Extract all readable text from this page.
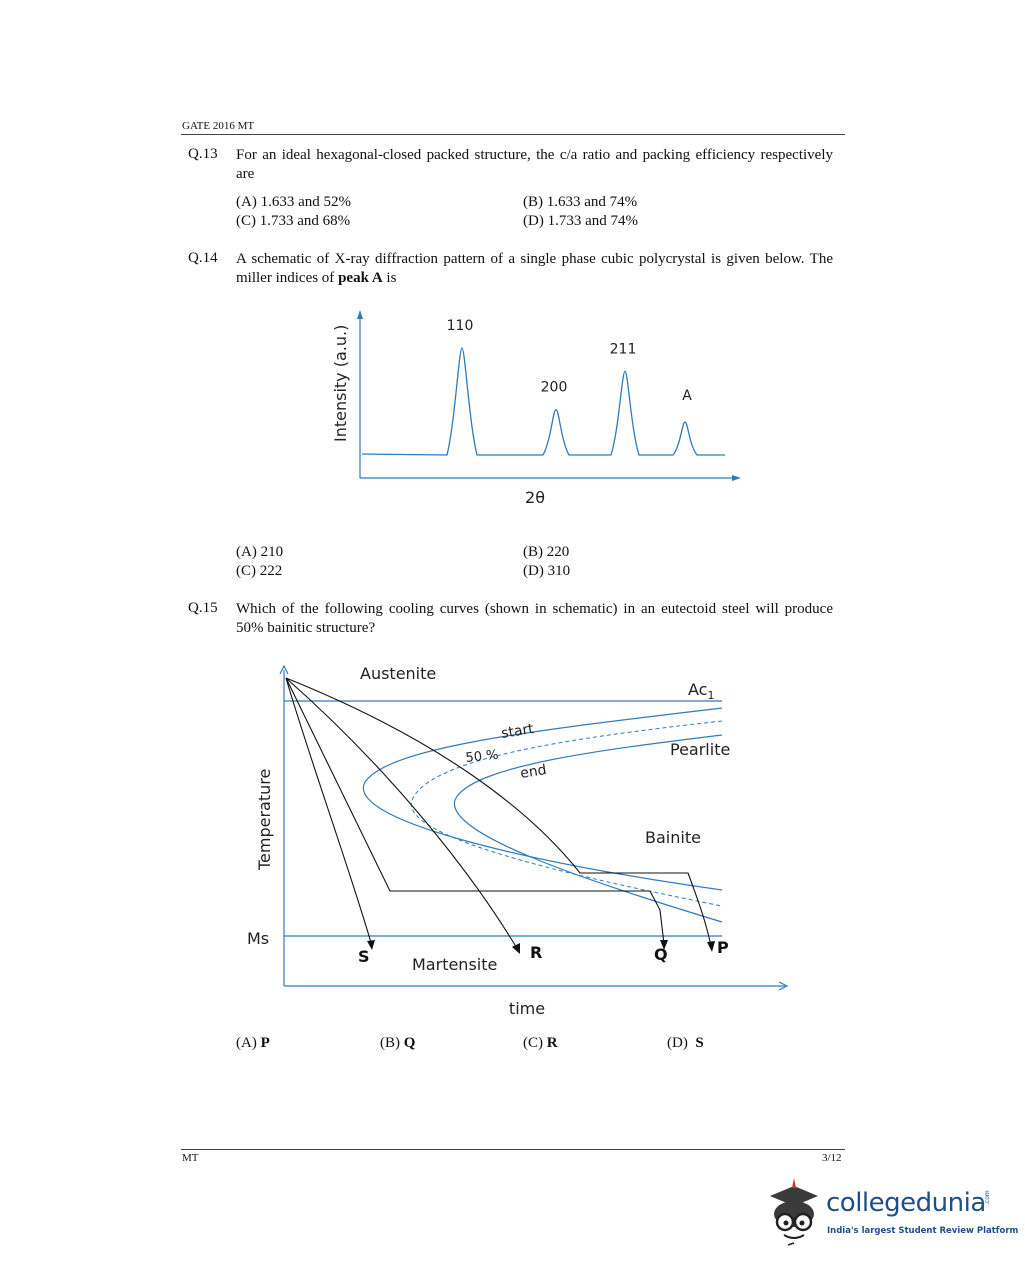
GATE 2016 MT
Q.13 For an ideal hexagonal-closed packed structure, the c/a ratio and packing efficiency respectively are
(A) 1.633 and 52%	(B) 1.633 and 74%
(C) 1.733 and 68%	(D) 1.733 and 74%
Q.14 A schematic of X-ray diffraction pattern of a single phase cubic polycrystal is given below. The miller indices of peak A is
110
200
211
A
2θ
Intensity (a.u.)
(A) 210	(B) 220
(C) 222	(D) 310
Q.15 Which of the following cooling curves (shown in schematic) in an eutectoid steel will produce 50% bainitic structure?
Austenite
$Ac_1$
start
50 %
end
Pearlite
Bainite
Ms
Martensite
S	R	Q	P
time
Temperature
(A) P	(B) Q	(C) R	(D) S
MT	3/12
collegedunia
.com
India's largest Student Review Platform
